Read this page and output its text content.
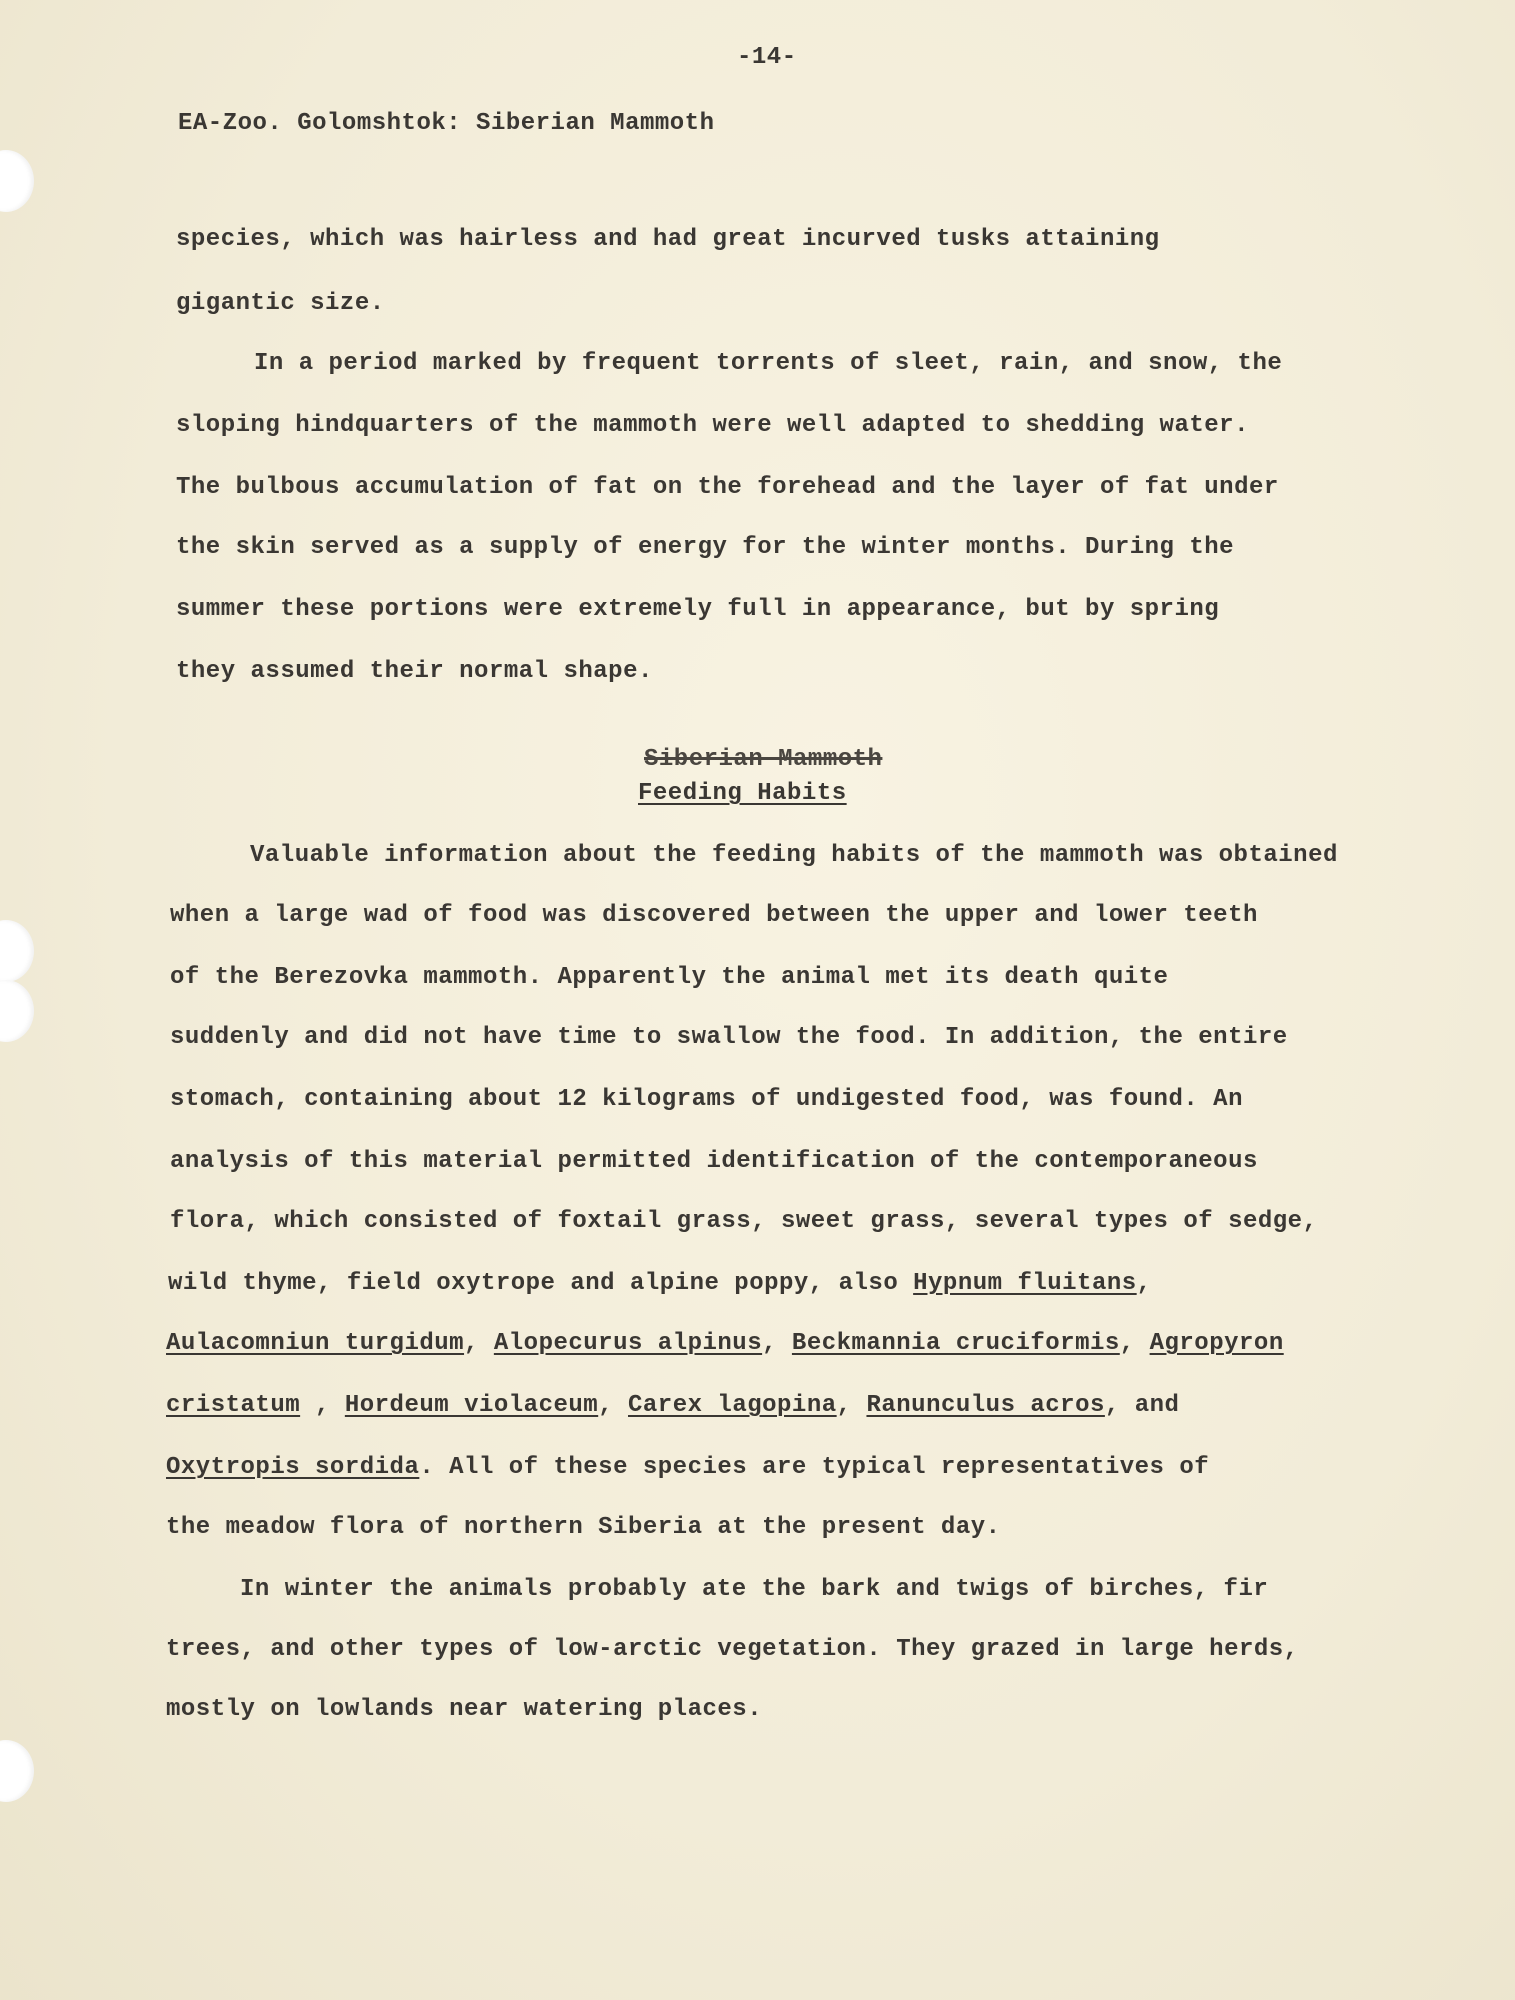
-14-
EA-Zoo. Golomshtok: Siberian Mammoth
species, which was hairless and had great incurved tusks attaining
gigantic size.
In a period marked by frequent torrents of sleet, rain, and snow, the
sloping hindquarters of the mammoth were well adapted to shedding water.
The bulbous accumulation of fat on the forehead and the layer of fat under
the skin served as a supply of energy for the winter months. During the
summer these portions were extremely full in appearance, but by spring
they assumed their normal shape.
Siberian Mammoth
Feeding Habits
Valuable information about the feeding habits of the mammoth was obtained
when a large wad of food was discovered between the upper and lower teeth
of the Berezovka mammoth. Apparently the animal met its death quite
suddenly and did not have time to swallow the food. In addition, the entire
stomach, containing about 12 kilograms of undigested food, was found. An
analysis of this material permitted identification of the contemporaneous
flora, which consisted of foxtail grass, sweet grass, several types of sedge,
wild thyme, field oxytrope and alpine poppy, also Hypnum fluitans,
Aulacomniun turgidum, Alopecurus alpinus, Beckmannia cruciformis, Agropyron
cristatum , Hordeum violaceum, Carex lagopina, Ranunculus acros, and
Oxytropis sordida. All of these species are typical representatives of
the meadow flora of northern Siberia at the present day.
In winter the animals probably ate the bark and twigs of birches, fir
trees, and other types of low-arctic vegetation. They grazed in large herds,
mostly on lowlands near watering places.
